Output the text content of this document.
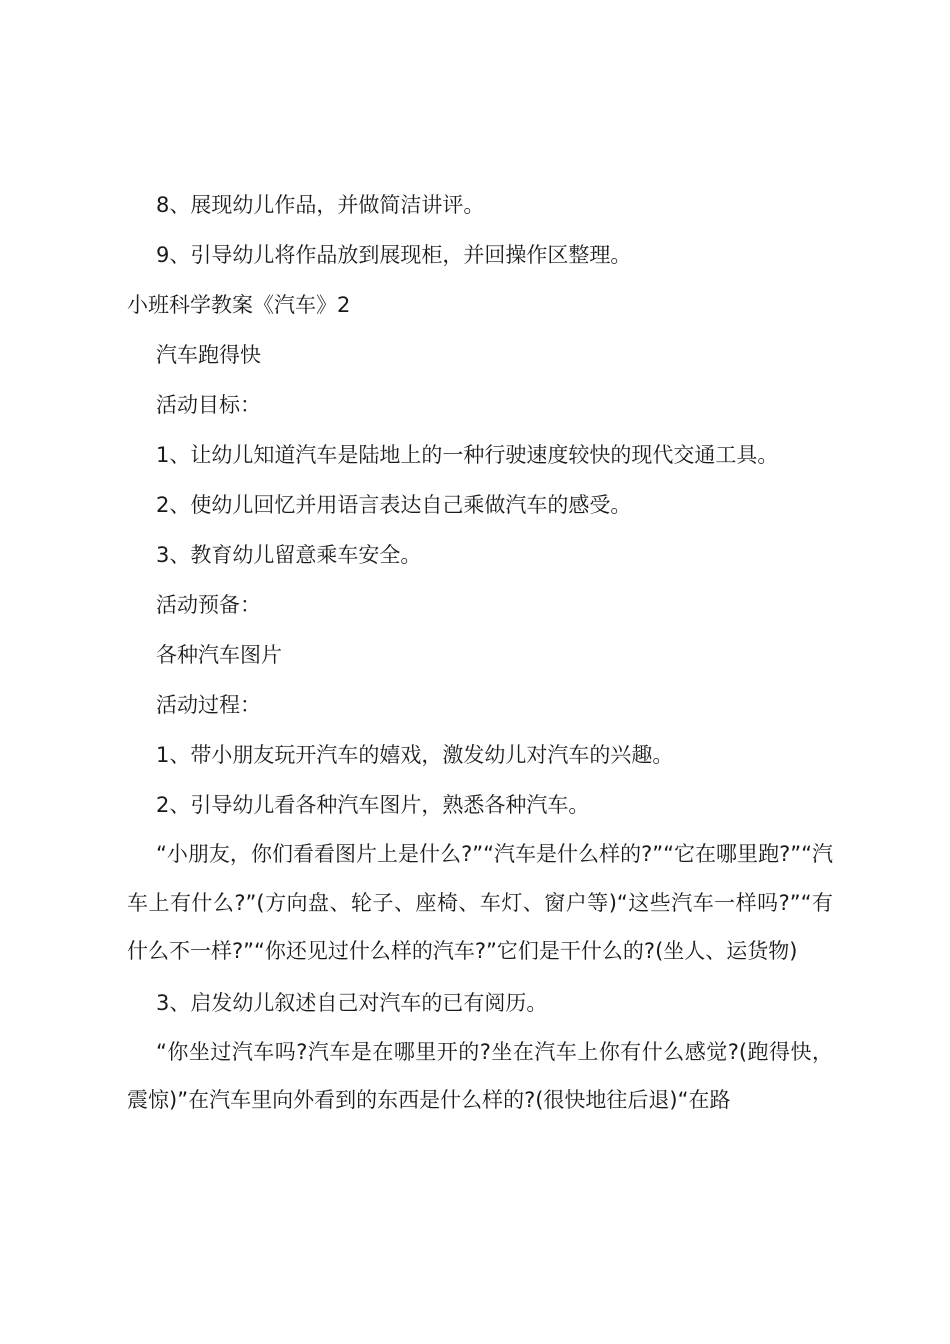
8、展现幼儿作品，并做简洁讲评。
9、引导幼儿将作品放到展现柜，并回操作区整理。
小班科学教案《汽车》2
汽车跑得快
活动目标：
1、让幼儿知道汽车是陆地上的一种行驶速度较快的现代交通工具。
2、使幼儿回忆并用语言表达自己乘做汽车的感受。
3、教育幼儿留意乘车安全。
活动预备：
各种汽车图片
活动过程：
1、带小朋友玩开汽车的嬉戏，激发幼儿对汽车的兴趣。
2、引导幼儿看各种汽车图片，熟悉各种汽车。

“小朋友，你们看看图片上是什么?”“汽车是什么样的?”“它在哪里跑?”“汽车上有什么?”(方向盘、轮子、座椅、车灯、窗户等)“这些汽车一样吗?”“有什么不一样?”“你还见过什么样的汽车?”它们是干什么的?(坐人、运货物)

3、启发幼儿叙述自己对汽车的已有阅历。

“你坐过汽车吗?汽车是在哪里开的?坐在汽车上你有什么感觉?(跑得快，震惊)”在汽车里向外看到的东西是什么样的?(很快地往后退)“在路
